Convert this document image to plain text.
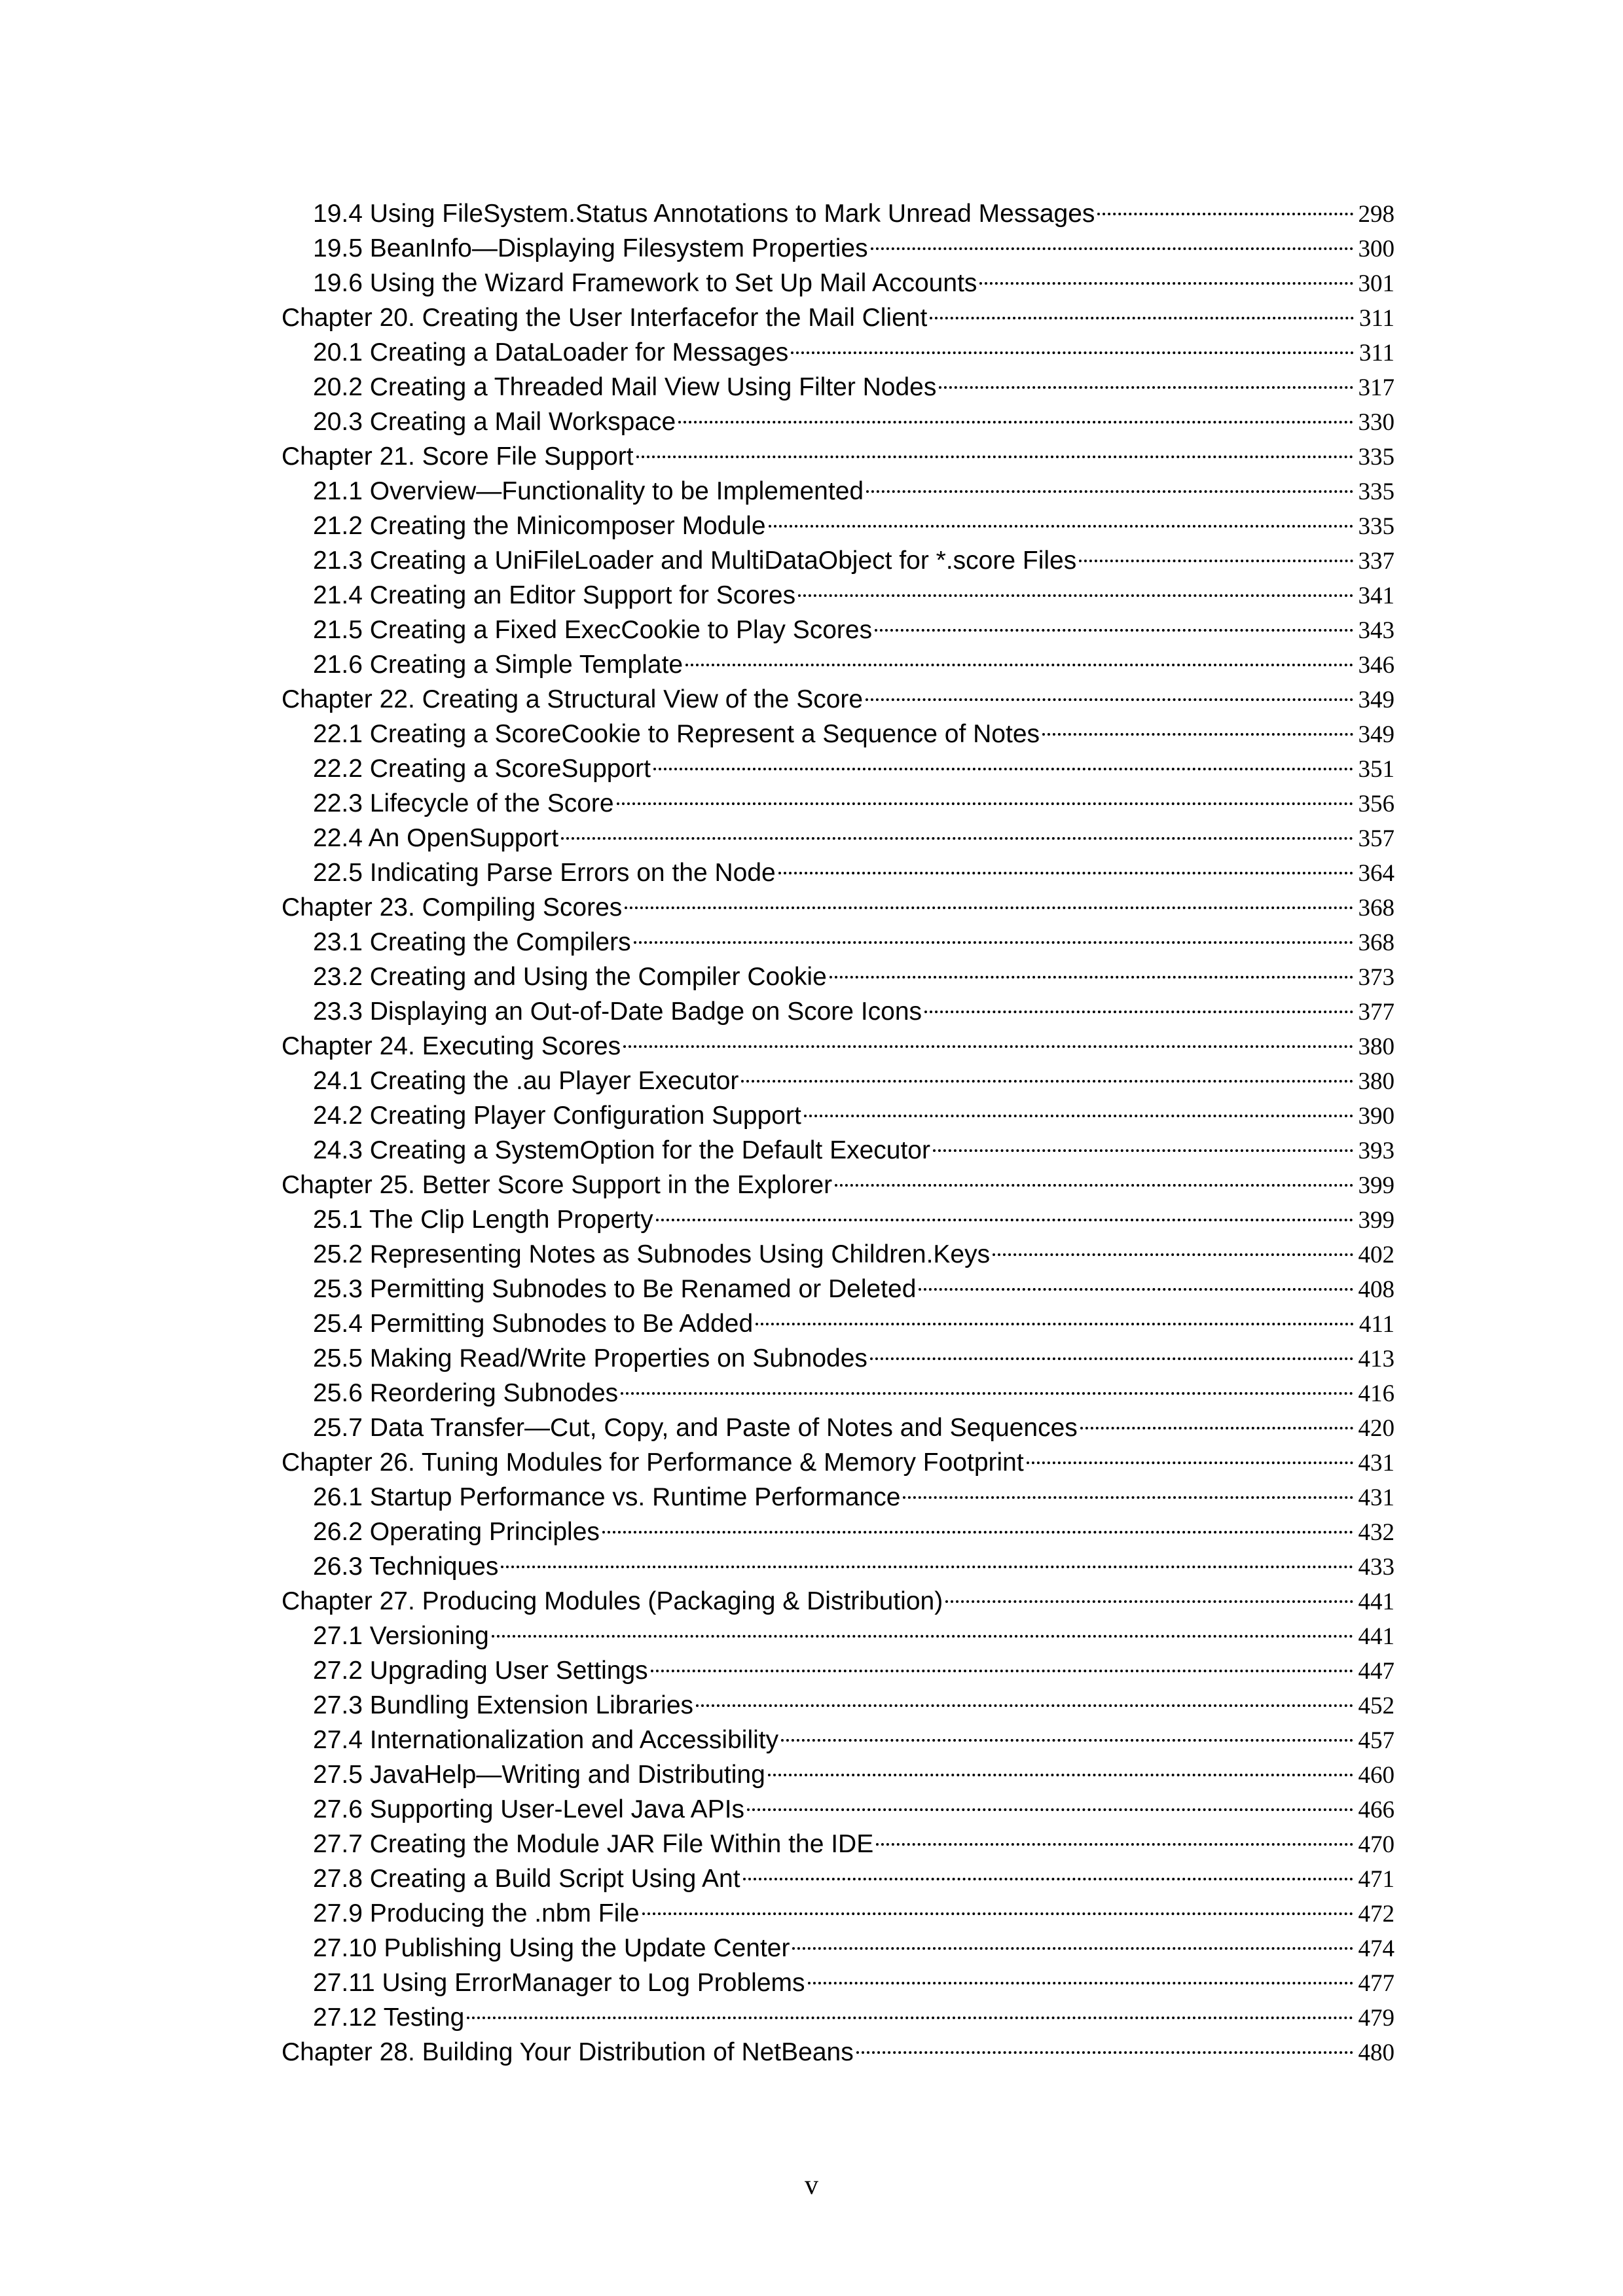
19.4 Using FileSystem.Status Annotations to Mark Unread Messages	298
19.5 BeanInfo—Displaying Filesystem Properties	300
19.6 Using the Wizard Framework to Set Up Mail Accounts	301
Chapter 20. Creating the User Interfacefor the Mail Client	311
20.1 Creating a DataLoader for Messages	311
20.2 Creating a Threaded Mail View Using Filter Nodes	317
20.3 Creating a Mail Workspace	330
Chapter 21. Score File Support	335
21.1 Overview—Functionality to be Implemented	335
21.2 Creating the Minicomposer Module	335
21.3 Creating a UniFileLoader and MultiDataObject for *.score Files	337
21.4 Creating an Editor Support for Scores	341
21.5 Creating a Fixed ExecCookie to Play Scores	343
21.6 Creating a Simple Template	346
Chapter 22. Creating a Structural View of the Score	349
22.1 Creating a ScoreCookie to Represent a Sequence of Notes	349
22.2 Creating a ScoreSupport	351
22.3 Lifecycle of the Score	356
22.4 An OpenSupport	357
22.5 Indicating Parse Errors on the Node	364
Chapter 23. Compiling Scores	368
23.1 Creating the Compilers	368
23.2 Creating and Using the Compiler Cookie	373
23.3 Displaying an Out-of-Date Badge on Score Icons	377
Chapter 24. Executing Scores	380
24.1 Creating the .au Player Executor	380
24.2 Creating Player Configuration Support	390
24.3 Creating a SystemOption for the Default Executor	393
Chapter 25. Better Score Support in the Explorer	399
25.1 The Clip Length Property	399
25.2 Representing Notes as Subnodes Using Children.Keys	402
25.3 Permitting Subnodes to Be Renamed or Deleted	408
25.4 Permitting Subnodes to Be Added	411
25.5 Making Read/Write Properties on Subnodes	413
25.6 Reordering Subnodes	416
25.7 Data Transfer—Cut, Copy, and Paste of Notes and Sequences	420
Chapter 26. Tuning Modules for Performance & Memory Footprint	431
26.1 Startup Performance vs. Runtime Performance	431
26.2 Operating Principles	432
26.3 Techniques	433
Chapter 27. Producing Modules (Packaging & Distribution)	441
27.1 Versioning	441
27.2 Upgrading User Settings	447
27.3 Bundling Extension Libraries	452
27.4 Internationalization and Accessibility	457
27.5 JavaHelp—Writing and Distributing	460
27.6 Supporting User-Level Java APIs	466
27.7 Creating the Module JAR File Within the IDE	470
27.8 Creating a Build Script Using Ant	471
27.9 Producing the .nbm File	472
27.10 Publishing Using the Update Center	474
27.11 Using ErrorManager to Log Problems	477
27.12 Testing	479
Chapter 28. Building Your Distribution of NetBeans	480
v
